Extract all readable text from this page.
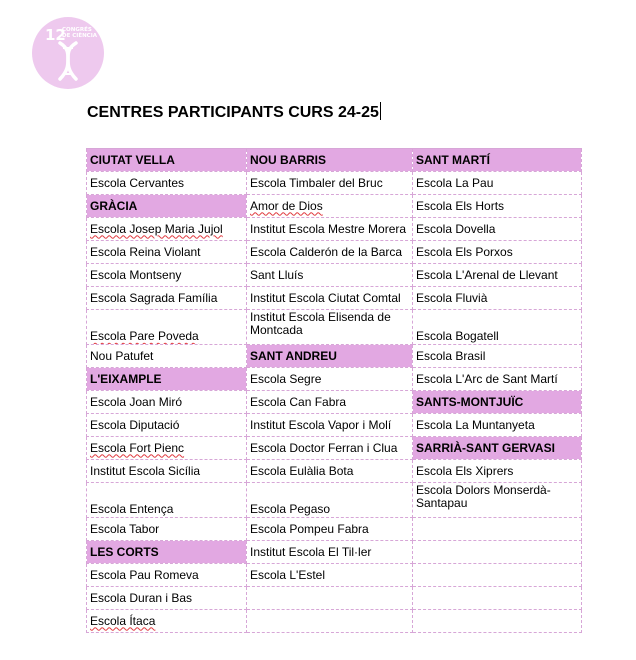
12
CONGRÉS
DE CIÈNCIA
CENTRES PARTICIPANTS CURS 24-25
CIUTAT VELLA	NOU BARRIS	SANT MARTÍ
Escola Cervantes	Escola Timbaler del Bruc	Escola La Pau
GRÀCIA	Amor de Dios	Escola Els Horts
Escola Josep Maria Jujol	Institut Escola Mestre Morera	Escola Dovella
Escola Reina Violant	Escola Calderón de la Barca	Escola Els Porxos
Escola Montseny	Sant Lluís	Escola L'Arenal de Llevant
Escola Sagrada Família	Institut Escola Ciutat Comtal	Escola Fluvià
Escola Pare Poveda	Institut Escola Elisenda de Montcada	Escola Bogatell
Nou Patufet	SANT ANDREU	Escola Brasil
L'EIXAMPLE	Escola Segre	Escola L'Arc de Sant Martí
Escola Joan Miró	Escola Can Fabra	SANTS-MONTJUÏC
Escola Diputació	Institut Escola Vapor i Molí	Escola La Muntanyeta
Escola Fort Pienc	Escola Doctor Ferran i Clua	SARRIÀ-SANT GERVASI
Institut Escola Sicília	Escola Eulàlia Bota	Escola Els Xiprers
Escola Entença	Escola Pegaso	Escola Dolors Monserdà-Santapau
Escola Tabor	Escola Pompeu Fabra	
LES CORTS	Institut Escola El Til·ler	
Escola Pau Romeva	Escola L'Estel	
Escola Duran i Bas		
Escola Ítaca		
